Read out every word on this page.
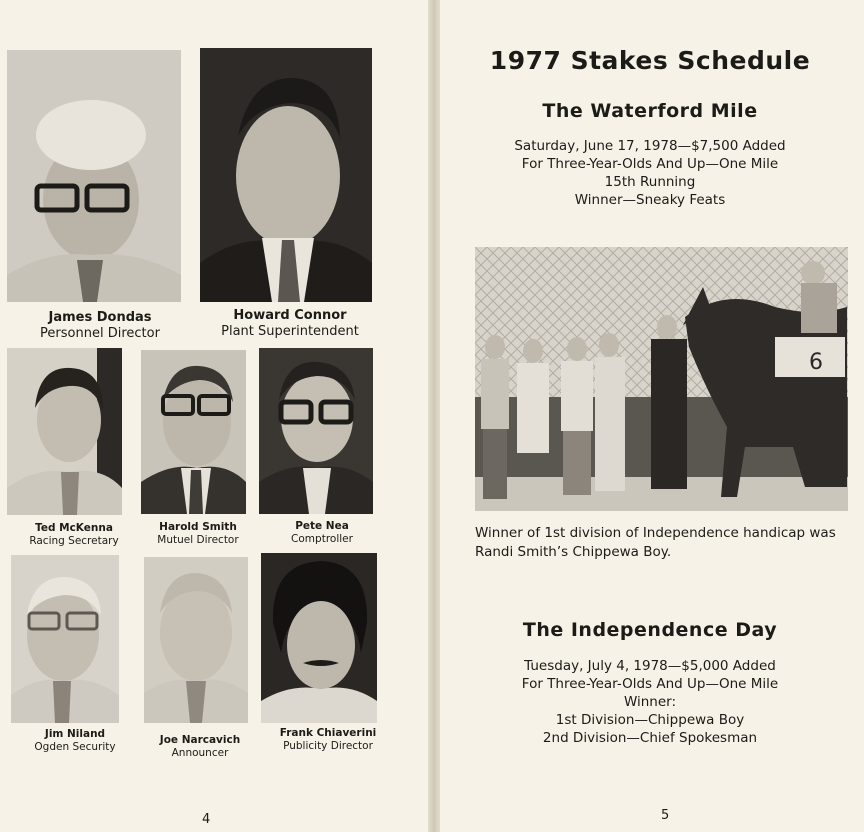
James Dondas
Personnel Director
Howard Connor
Plant Superintendent
Ted McKenna
Racing Secretary
Harold Smith
Mutuel Director
Pete Nea
Comptroller
Jim Niland
Ogden Security
Joe Narcavich
Announcer
Frank Chiaverini
Publicity Director
4
1977 Stakes Schedule
The Waterford Mile
Saturday, June 17, 1978—$7,500 Added
For Three-Year-Olds And Up—One Mile
15th Running
Winner—Sneaky Feats
6
Winner of 1st division of Independence handicap was Randi Smith’s Chippewa Boy.
The Independence Day
Tuesday, July 4, 1978—$5,000 Added
For Three-Year-Olds And Up—One Mile
Winner:
1st Division—Chippewa Boy
2nd Division—Chief Spokesman
5
